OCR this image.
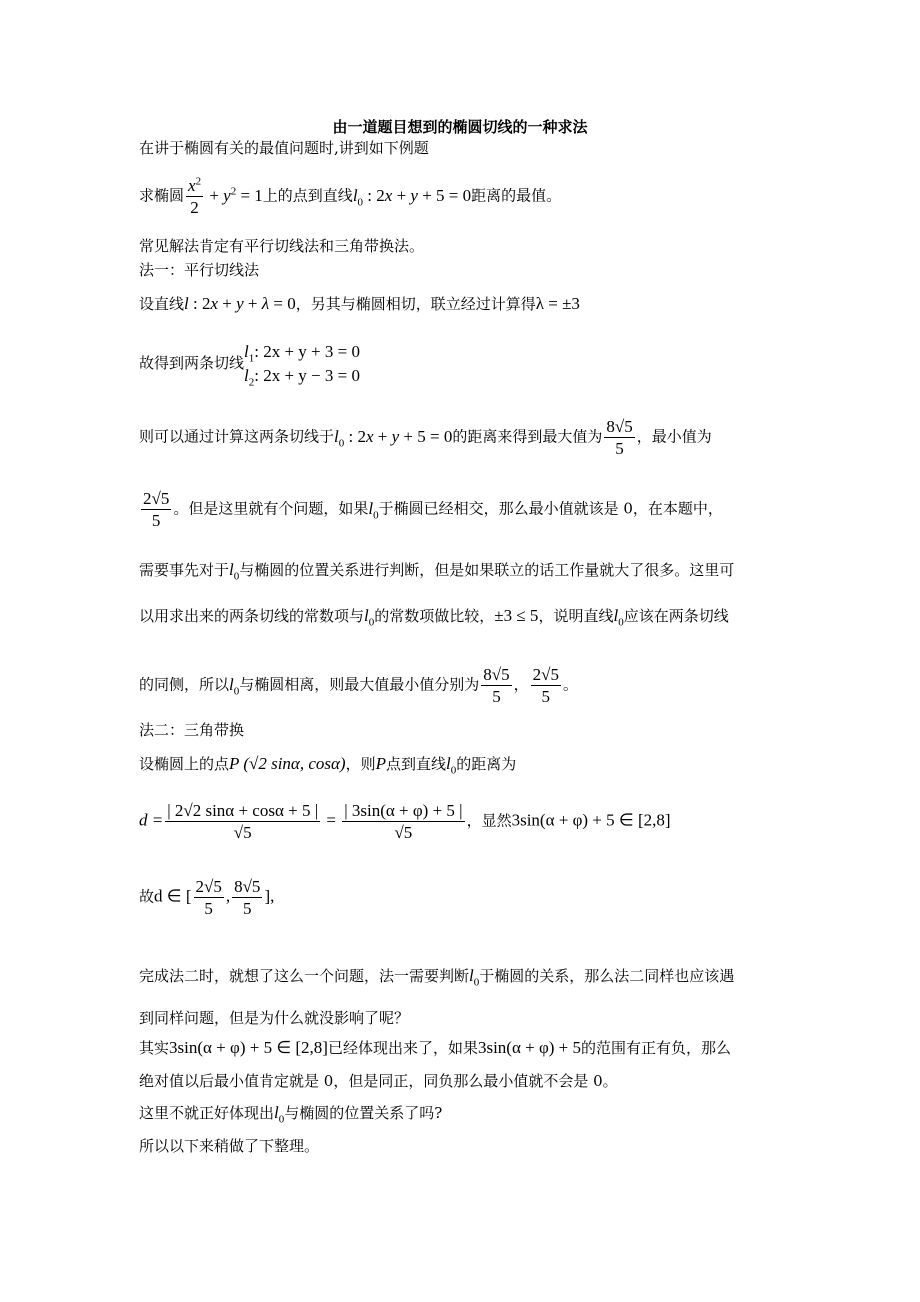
由一道题目想到的椭圆切线的一种求法
在讲于椭圆有关的最值问题时,讲到如下例题
求椭圆 $\frac{x^2}{2} + y^2 = 1$上的点到直线$l_0$ : 2x + y + 5 = 0距离的最值。
常见解法肯定有平行切线法和三角带换法。
法一：平行切线法
设直线l : 2x + y + λ = 0，另其与椭圆相切，联立经过计算得λ = ±3
故得到两条切线
$l_1$: 2x + y + 3 = 0
$l_2$: 2x + y − 3 = 0
则可以通过计算这两条切线于$l_0$ : 2x + y + 5 = 0的距离来得到最大值为 $\frac{8√5}{5}$ ，最小值为
$\frac{2√5}{5}$ 。但是这里就有个问题，如果$l_0$于椭圆已经相交，那么最小值就该是 0，在本题中，
需要事先对于$l_0$与椭圆的位置关系进行判断，但是如果联立的话工作量就大了很多。这里可
以用求出来的两条切线的常数项与$l_0$的常数项做比较，±3 ≤ 5，说明直线$l_0$应该在两条切线
的同侧，所以$l_0$与椭圆相离，则最大值最小值分别为 $\frac{8√5}{5}$ ， $\frac{2√5}{5}$ 。
法二：三角带换
设椭圆上的点P (√2 sinα, cosα)，则P点到直线$l_0$的距离为
$d = \frac{| 2√2 \sin\alpha + \cos\alpha + 5 |}{√5} = \frac{| 3\sin(\alpha + \varphi) + 5 |}{√5}$ ，显然3sin(α + φ) + 5 ∈ [2,8]
故d ∈ [ $\frac{2√5}{5}$ , $\frac{8√5}{5}$ ],
完成法二时，就想了这么一个问题，法一需要判断$l_0$于椭圆的关系，那么法二同样也应该遇
到同样问题，但是为什么就没影响了呢？
其实3sin(α + φ) + 5 ∈ [2,8]已经体现出来了，如果3sin(α + φ) + 5的范围有正有负，那么
绝对值以后最小值肯定就是 0，但是同正，同负那么最小值就不会是 0。
这里不就正好体现出$l_0$与椭圆的位置关系了吗?
所以以下来稍做了下整理。
